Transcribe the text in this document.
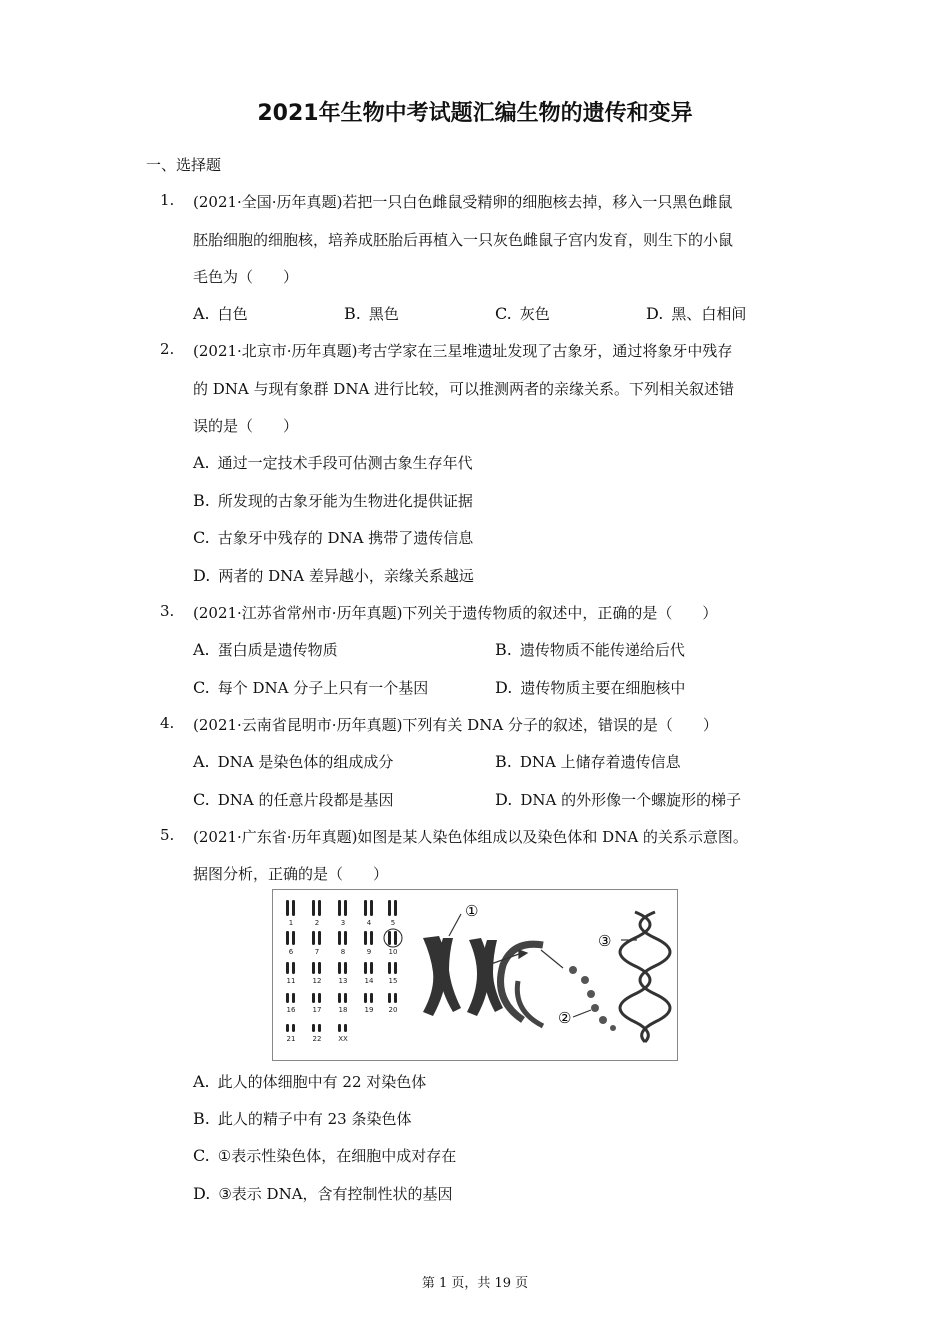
2021年生物中考试题汇编生物的遗传和变异
一、选择题
1. (2021·全国·历年真题)若把一只白色雌鼠受精卵的细胞核去掉，移入一只黑色雌鼠
胚胎细胞的细胞核，培养成胚胎后再植入一只灰色雌鼠子宫内发育，则生下的小鼠
毛色为（　　）
A. 白色	B. 黑色	C. 灰色	D. 黑、白相间
2. (2021·北京市·历年真题)考古学家在三星堆遗址发现了古象牙，通过将象牙中残存
的 DNA 与现有象群 DNA 进行比较，可以推测两者的亲缘关系。下列相关叙述错
误的是（　　）
A. 通过一定技术手段可估测古象生存年代
B. 所发现的古象牙能为生物进化提供证据
C. 古象牙中残存的 DNA 携带了遗传信息
D. 两者的 DNA 差异越小，亲缘关系越远
3. (2021·江苏省常州市·历年真题)下列关于遗传物质的叙述中，正确的是（　　）
A. 蛋白质是遗传物质	B. 遗传物质不能传递给后代
C. 每个 DNA 分子上只有一个基因	D. 遗传物质主要在细胞核中
4. (2021·云南省昆明市·历年真题)下列有关 DNA 分子的叙述，错误的是（　　）
A. DNA 是染色体的组成成分	B. DNA 上储存着遗传信息
C. DNA 的任意片段都是基因	D. DNA 的外形像一个螺旋形的梯子
5. (2021·广东省·历年真题)如图是某人染色体组成以及染色体和 DNA 的关系示意图。
据图分析，正确的是（　　）
1	2	3	4	5
6	7	8	9 10
11 12 13 14 15
16 17 18 19 20
21 22 XX
①
②
③
A. 此人的体细胞中有 22 对染色体
B. 此人的精子中有 23 条染色体
C. ①表示性染色体，在细胞中成对存在
D. ③表示 DNA，含有控制性状的基因
第 1 页，共 19 页
